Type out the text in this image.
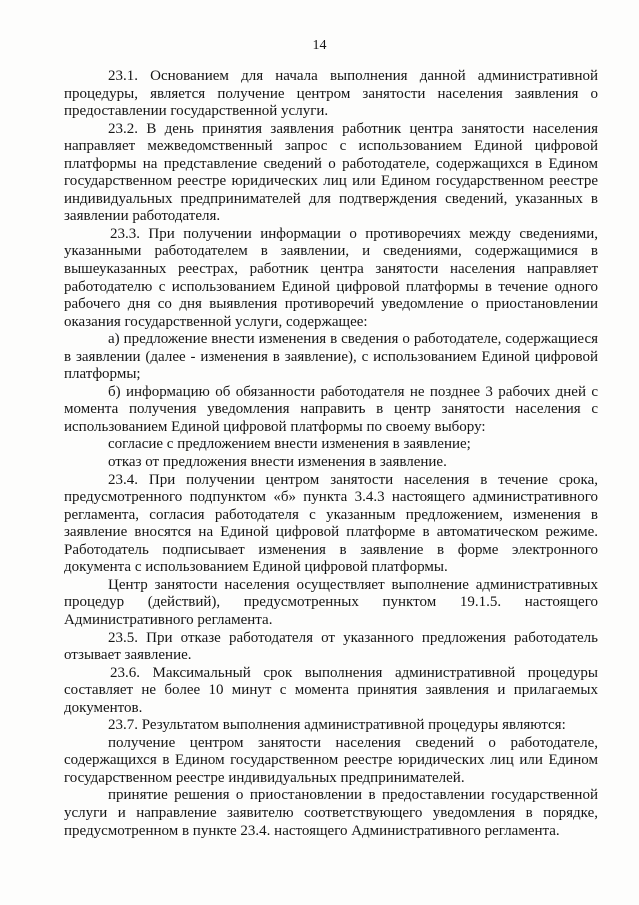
14

23.1. Основанием для начала выполнения данной административной процедуры, является получение центром занятости населения заявления о предоставлении государственной услуги.

23.2. В день принятия заявления работник центра занятости населения направляет межведомственный запрос с использованием Единой цифровой платформы на представление сведений о работодателе, содержащихся в Едином государственном реестре юридических лиц или Едином государственном реестре индивидуальных предпринимателей для подтверждения сведений, указанных в заявлении работодателя.

23.3. При получении информации о противоречиях между сведениями, указанными работодателем в заявлении, и сведениями, содержащимися в вышеуказанных реестрах, работник центра занятости населения направляет работодателю с использованием Единой цифровой платформы в течение одного рабочего дня со дня выявления противоречий уведомление о приостановлении оказания государственной услуги, содержащее:

а) предложение внести изменения в сведения о работодателе, содержащиеся в заявлении (далее - изменения в заявление), с использованием Единой цифровой платформы;

б) информацию об обязанности работодателя не позднее 3 рабочих дней с момента получения уведомления направить в центр занятости населения с использованием Единой цифровой платформы по своему выбору:

согласие с предложением внести изменения в заявление;

отказ от предложения внести изменения в заявление.

23.4. При получении центром занятости населения в течение срока, предусмотренного подпунктом «б» пункта 3.4.3 настоящего административного регламента, согласия работодателя с указанным предложением, изменения в заявление вносятся на Единой цифровой платформе в автоматическом режиме. Работодатель подписывает изменения в заявление в форме электронного документа с использованием Единой цифровой платформы.

Центр занятости населения осуществляет выполнение административных процедур (действий), предусмотренных пунктом 19.1.5. настоящего Административного регламента.

23.5. При отказе работодателя от указанного предложения работодатель отзывает заявление.

23.6. Максимальный срок выполнения административной процедуры составляет не более 10 минут с момента принятия заявления и прилагаемых документов.

23.7. Результатом выполнения административной процедуры являются:

получение центром занятости населения сведений о работодателе, содержащихся в Едином государственном реестре юридических лиц или Едином государственном реестре индивидуальных предпринимателей.

принятие решения о приостановлении в предоставлении государственной услуги и направление заявителю соответствующего уведомления в порядке, предусмотренном в пункте 23.4. настоящего Административного регламента.
